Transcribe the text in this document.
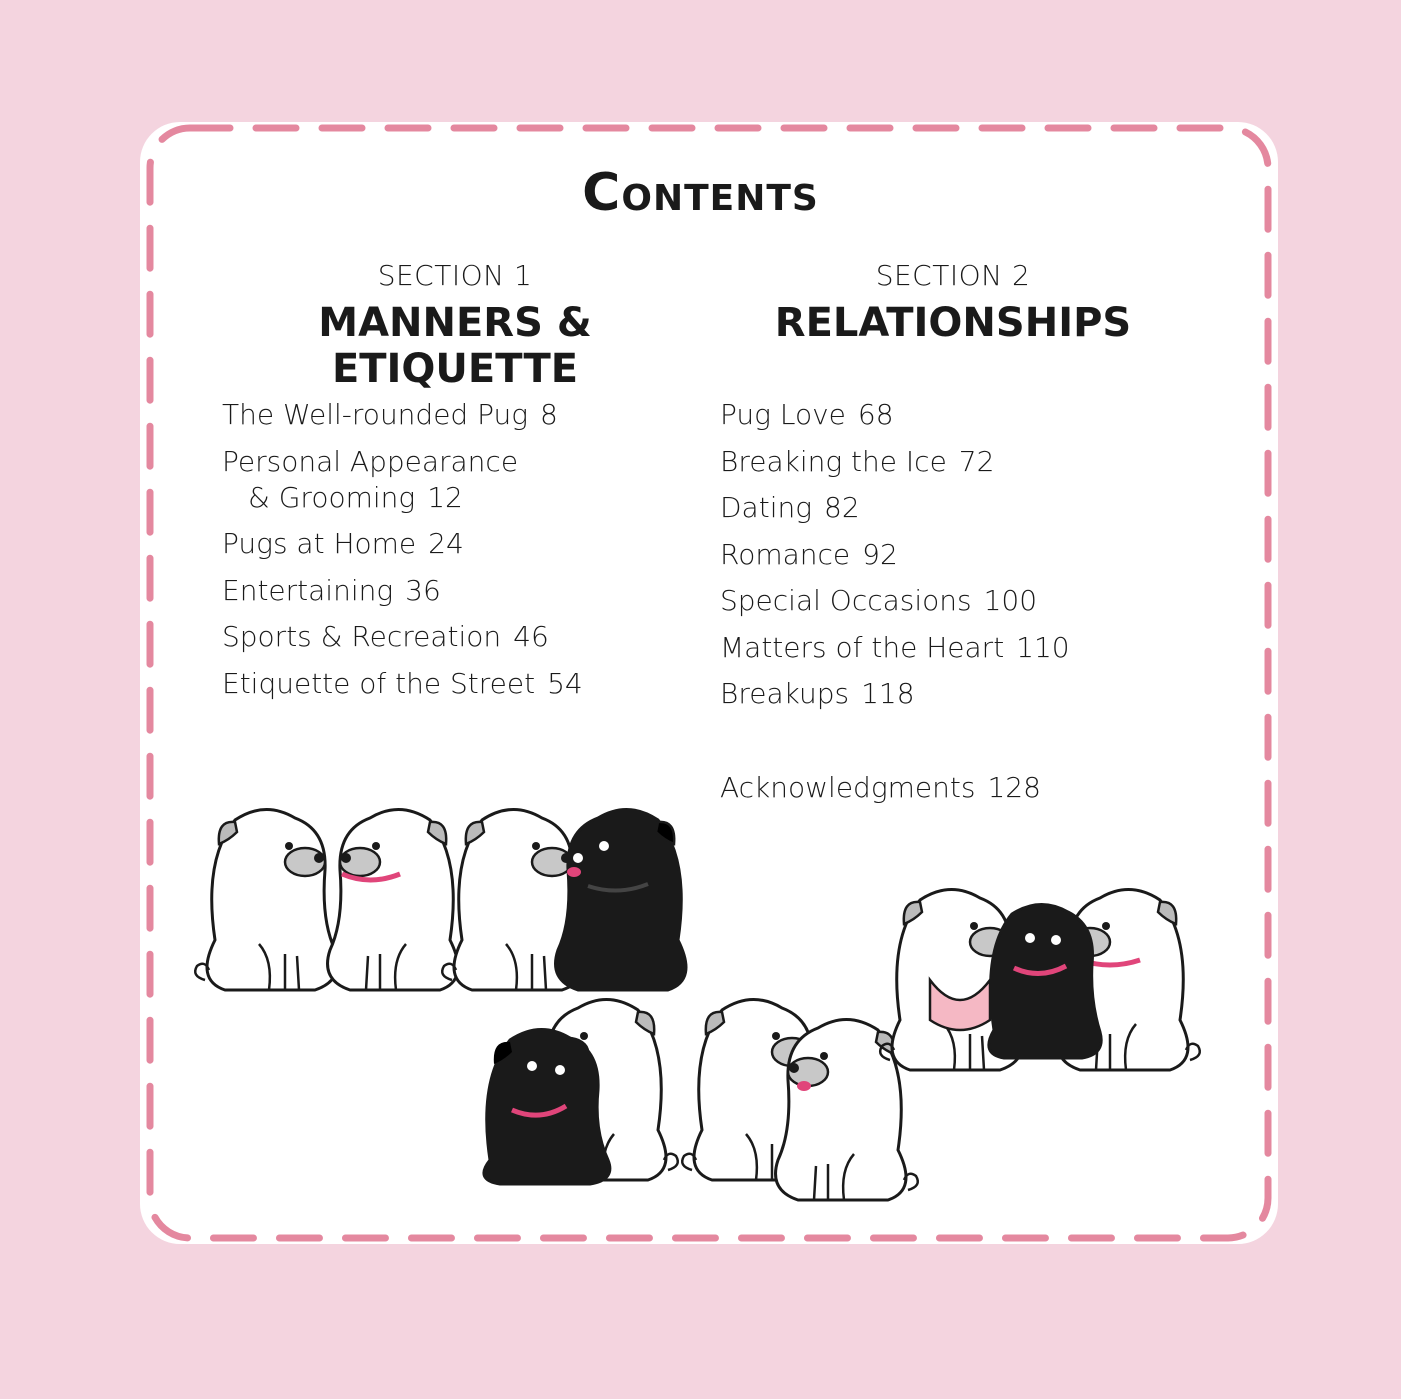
Contents
SECTION 1
MANNERS & ETIQUETTE
The Well-rounded Pug 8
Personal Appearance
& Grooming 12
Pugs at Home 24
Entertaining 36
Sports & Recreation 46
Etiquette of the Street 54
SECTION 2
RELATIONSHIPS
Pug Love 68
Breaking the Ice 72
Dating 82
Romance 92
Special Occasions 100
Matters of the Heart 110
Breakups 118
Acknowledgments 128
